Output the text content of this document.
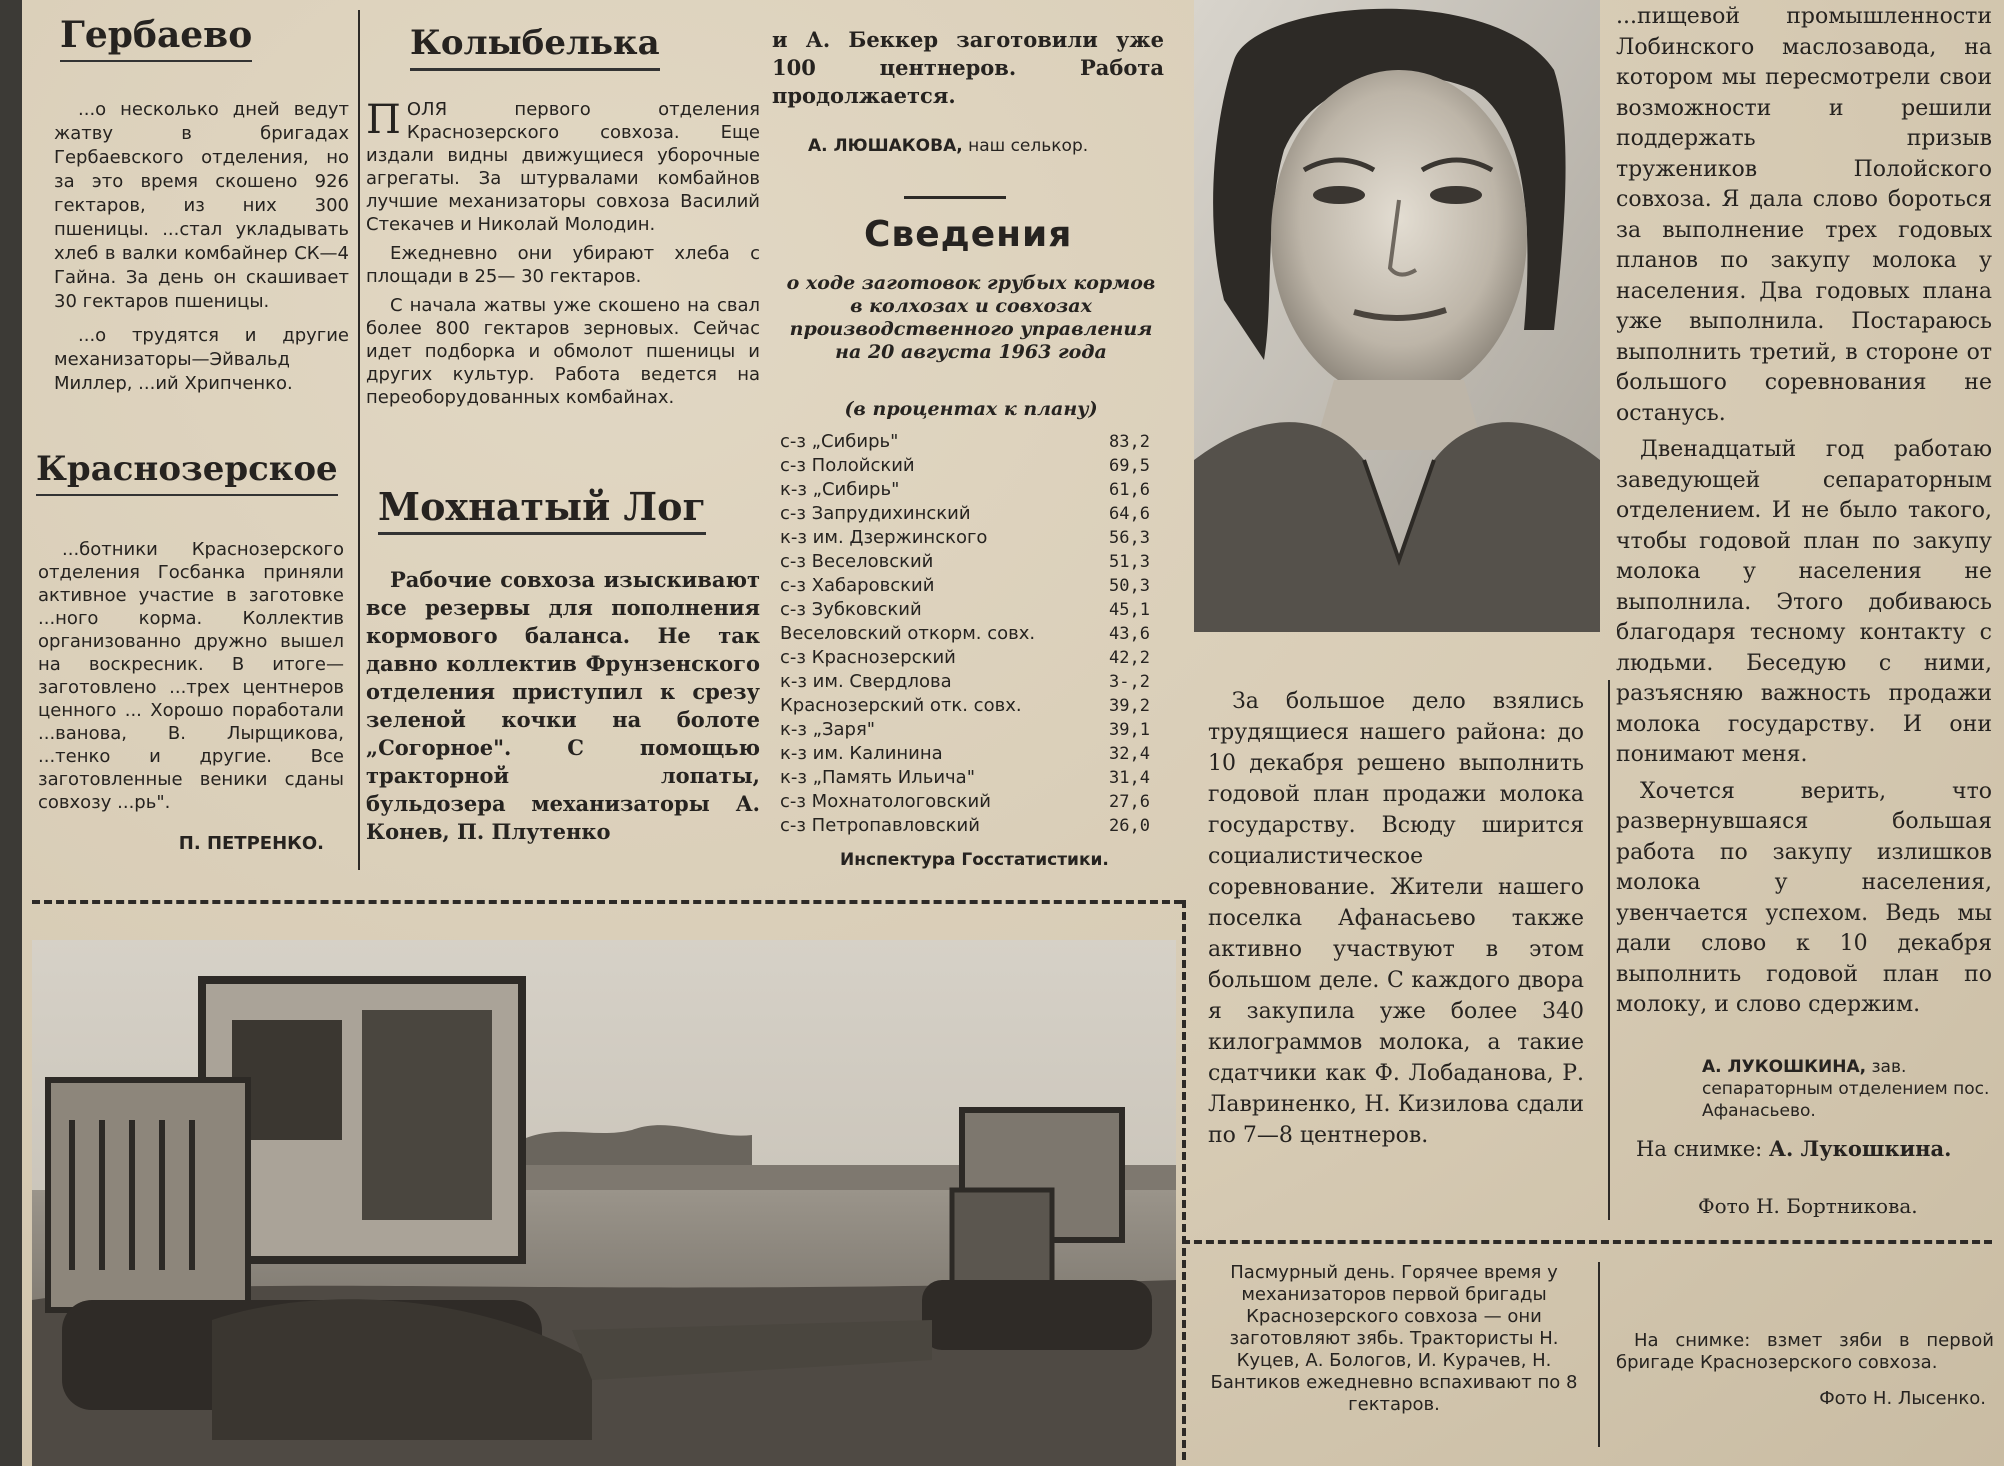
Гербаево

...о несколько дней ведут жатву в бригадах Гербаевского отделения, но за это время скошено 926 гектаров, из них 300 пшеницы. ...стал укладывать хлеб в валки комбайнер СК—4 Гайна. За день он скашивает 30 гектаров пшеницы.

...о трудятся и другие механизаторы—Эйвальд Миллер, ...ий Хрипченко.

Краснозерское

...ботники Краснозерского отделения Госбанка приняли активное участие в заготовке ...ного корма. Коллектив организованно дружно вышел на воскресник. В итоге—заготовлено ...трех центнеров ценного ... Хорошо поработали ...ванова, В. Лырщикова, ...тенко и другие. Все заготовленные веники сданы совхозу ...рь".

П. ПЕТРЕНКО.
Колыбелька

П ОЛЯ первого отделения Краснозерского совхоза. Еще издали видны движущиеся уборочные агрегаты. За штурвалами комбайнов лучшие механизаторы совхоза Василий Стекачев и Николай Молодин.

Ежедневно они убирают хлеба с площади в 25— 30 гектаров.

С начала жатвы уже скошено на свал более 800 гектаров зерновых. Сейчас идет подборка и обмолот пшеницы и других культур. Работа ведется на переоборудованных комбайнах.

Мохнатый Лог

Рабочие совхоза изыскивают все резервы для пополнения кормового баланса. Не так давно коллектив Фрунзенского отделения приступил к срезу зеленой кочки на болоте „Согорное". С помощью тракторной лопаты, бульдозера механизаторы А. Конев, П. Плутенко

и А. Беккер заготовили уже 100 центнеров. Работа продолжается.

А. ЛЮШАКОВА, наш селькор.
Сведения
о ходе заготовок грубых кормов в колхозах и совхозах производственного управления на 20 августа 1963 года
(в процентах к плану)
с-з „Сибирь"	83,2
с-з Полойский	69,5
к-з „Сибирь"	61,6
с-з Запрудихинский	64,6
к-з им. Дзержинского	56,3
с-з Веселовский	51,3
с-з Хабаровский	50,3
с-з Зубковский	45,1
Веселовский откорм. совх.	43,6
с-з Краснозерский	42,2
к-з им. Свердлова	3-,2
Краснозерский отк. совх.	39,2
к-з „Заря"	39,1
к-з им. Калинина	32,4
к-з „Память Ильича"	31,4
с-з Мохнатологовский	27,6
с-з Петропавловский	26,0
Инспектура Госстатистики.

За большое дело взялись трудящиеся нашего района: до 10 декабря решено выполнить годовой план продажи молока государству. Всюду ширится социалистическое соревнование. Жители нашего поселка Афанасьево также активно участвуют в этом большом деле. С каждого двора я закупила уже более 340 килограммов молока, а такие сдатчики как Ф. Лобаданова, Р. Лавриненко, Н. Кизилова сдали по 7—8 центнеров.

...пищевой промышленности Лобинского маслозавода, на котором мы пересмотрели свои возможности и решили поддержать призыв тружеников Полойского совхоза. Я дала слово бороться за выполнение трех годовых планов по закупу молока у населения. Два годовых плана уже выполнила. Постараюсь выполнить третий, в стороне от большого соревнования не останусь.

Двенадцатый год работаю заведующей сепараторным отделением. И не было такого, чтобы годовой план по закупу молока у населения не выполнила. Этого добиваюсь благодаря тесному контакту с людьми. Беседую с ними, разъясняю важность продажи молока государству. И они понимают меня.

Хочется верить, что развернувшаяся большая работа по закупу излишков молока у населения, увенчается успехом. Ведь мы дали слово к 10 декабря выполнить годовой план по молоку, и слово сдержим.

А. ЛУКОШКИНА, зав. сепараторным отделением пос. Афанасьево.
На снимке: А. Лукошкина.
Фото Н. Бортникова.

Пасмурный день. Горячее время у механизаторов первой бригады Краснозерского совхоза — они заготовляют зябь. Трактористы Н. Куцев, А. Бологов, И. Курачев, Н. Бантиков ежедневно вспахивают по 8 гектаров.

На снимке: взмет зяби в первой бригаде Краснозерского совхоза.

Фото Н. Лысенко.
